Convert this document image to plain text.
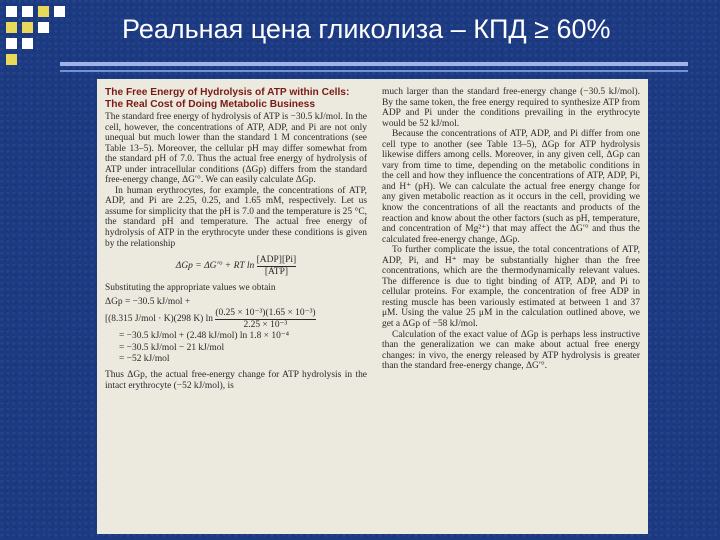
Реальная цена гликолиза – КПД ≥ 60%
The Free Energy of Hydrolysis of ATP within Cells:
The Real Cost of Doing Metabolic Business

The standard free energy of hydrolysis of ATP is −30.5 kJ/mol. In the cell, however, the concentrations of ATP, ADP, and Pi are not only unequal but much lower than the standard 1 M concentrations (see Table 13–5). Moreover, the cellular pH may differ somewhat from the standard pH of 7.0. Thus the actual free energy of hydrolysis of ATP under intracellular conditions (ΔGp) differs from the standard free-energy change, ΔG′°. We can easily calculate ΔGp.

In human erythrocytes, for example, the concentrations of ATP, ADP, and Pi are 2.25, 0.25, and 1.65 mM, respectively. Let us assume for simplicity that the pH is 7.0 and the temperature is 25 °C, the standard pH and temperature. The actual free energy of hydrolysis of ATP in the erythrocyte under these conditions is given by the relationship

ΔGp = ΔG′° + RT $\ln \frac{\text{[ADP][Pi]}}{\text{[ATP]}}$

Substituting the appropriate values we obtain

ΔGp = −30.5 kJ/mol +
[(8.315 J/mol · K)(298 K) $\ln \frac{\text{(0.25 × 10⁻³)(1.65 × 10⁻³)}}{\text{2.25 × 10⁻³}}$
= −30.5 kJ/mol + (2.48 kJ/mol) ln 1.8 × 10⁻⁴
= −30.5 kJ/mol − 21 kJ/mol
= −52 kJ/mol

Thus ΔGp, the actual free-energy change for ATP hydrolysis in the intact erythrocyte (−52 kJ/mol), is

much larger than the standard free-energy change (−30.5 kJ/mol). By the same token, the free energy required to synthesize ATP from ADP and Pi under the conditions prevailing in the erythrocyte would be 52 kJ/mol.

Because the concentrations of ATP, ADP, and Pi differ from one cell type to another (see Table 13–5), ΔGp for ATP hydrolysis likewise differs among cells. Moreover, in any given cell, ΔGp can vary from time to time, depending on the metabolic conditions in the cell and how they influence the concentrations of ATP, ADP, Pi, and H⁺ (pH). We can calculate the actual free energy change for any given metabolic reaction as it occurs in the cell, providing we know the concentrations of all the reactants and products of the reaction and know about the other factors (such as pH, temperature, and concentration of Mg²⁺) that may affect the ΔG′° and thus the calculated free-energy change, ΔGp.

To further complicate the issue, the total concentrations of ATP, ADP, Pi, and H⁺ may be substantially higher than the free concentrations, which are the thermodynamically relevant values. The difference is due to tight binding of ATP, ADP, and Pi to cellular proteins. For example, the concentration of free ADP in resting muscle has been variously estimated at between 1 and 37 μM. Using the value 25 μM in the calculation outlined above, we get a ΔGp of −58 kJ/mol.

Calculation of the exact value of ΔGp is perhaps less instructive than the generalization we can make about actual free energy changes: in vivo, the energy released by ATP hydrolysis is greater than the standard free-energy change, ΔG′°.
